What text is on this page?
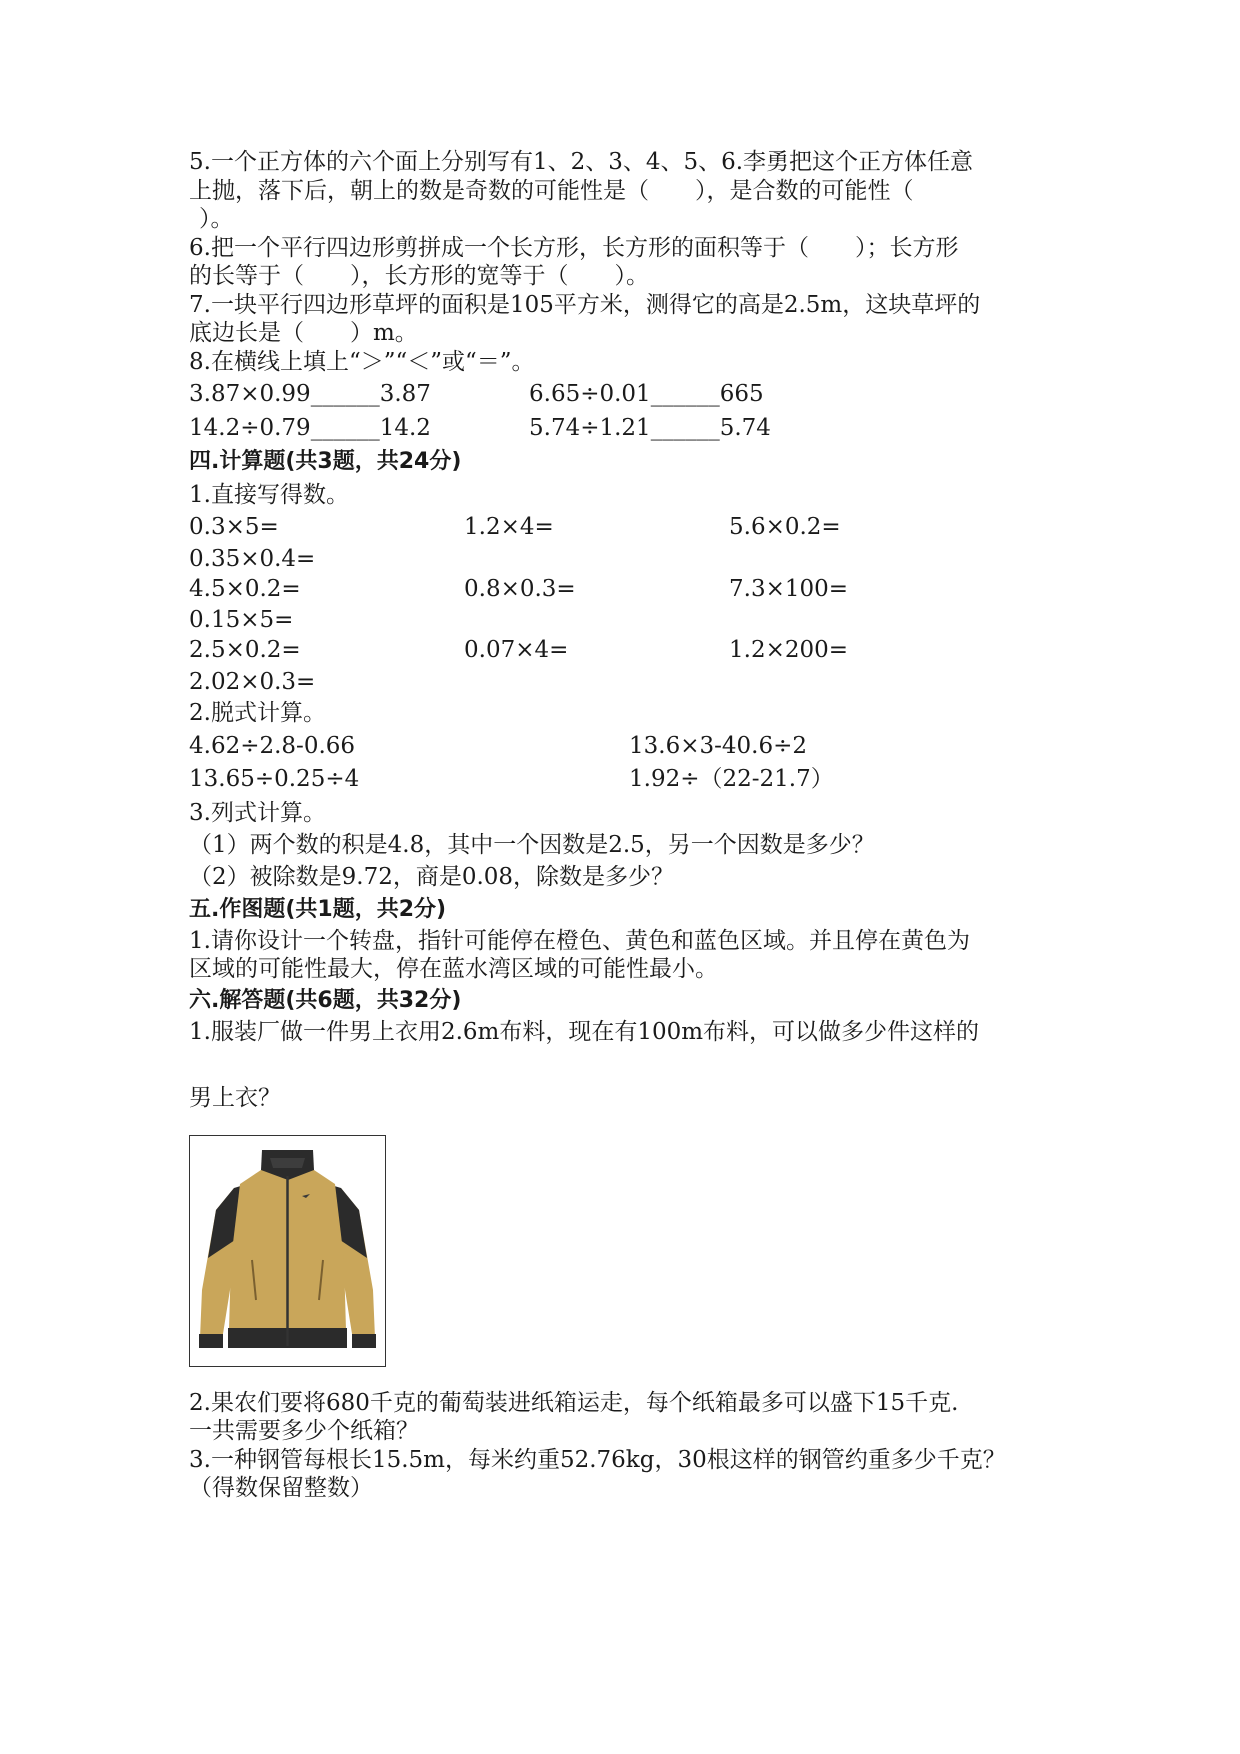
5.一个正方体的六个面上分别写有1、2、3、4、5、6.李勇把这个正方体任意
上抛，落下后，朝上的数是奇数的可能性是（　　），是合数的可能性（
）。
6.把一个平行四边形剪拼成一个长方形，长方形的面积等于（　　）；长方形
的长等于（　　），长方形的宽等于（　　）。
7.一块平行四边形草坪的面积是105平方米，测得它的高是2.5m，这块草坪的
底边长是（　　）m。
8.在横线上填上“＞”“＜”或“＝”。
3.87×0.99______3.87	6.65÷0.01______665
14.2÷0.79______14.2	5.74÷1.21______5.74
四.计算题(共3题，共24分)
1.直接写得数。
0.3×5=	1.2×4=	5.6×0.2=
0.35×0.4=
4.5×0.2=	0.8×0.3=	7.3×100=
0.15×5=
2.5×0.2=	0.07×4=	1.2×200=
2.02×0.3=
2.脱式计算。
4.62÷2.8-0.66	13.6×3-40.6÷2
13.65÷0.25÷4	1.92÷（22-21.7）
3.列式计算。
（1）两个数的积是4.8，其中一个因数是2.5，另一个因数是多少？
（2）被除数是9.72，商是0.08，除数是多少？
五.作图题(共1题，共2分)
1.请你设计一个转盘，指针可能停在橙色、黄色和蓝色区域。并且停在黄色为
区域的可能性最大，停在蓝水湾区域的可能性最小。
六.解答题(共6题，共32分)
1.服装厂做一件男上衣用2.6m布料，现在有100m布料，可以做多少件这样的
男上衣？
2.果农们要将680千克的葡萄装进纸箱运走，每个纸箱最多可以盛下15千克.
一共需要多少个纸箱？
3.一种钢管每根长15.5m，每米约重52.76kg，30根这样的钢管约重多少千克？
（得数保留整数）
